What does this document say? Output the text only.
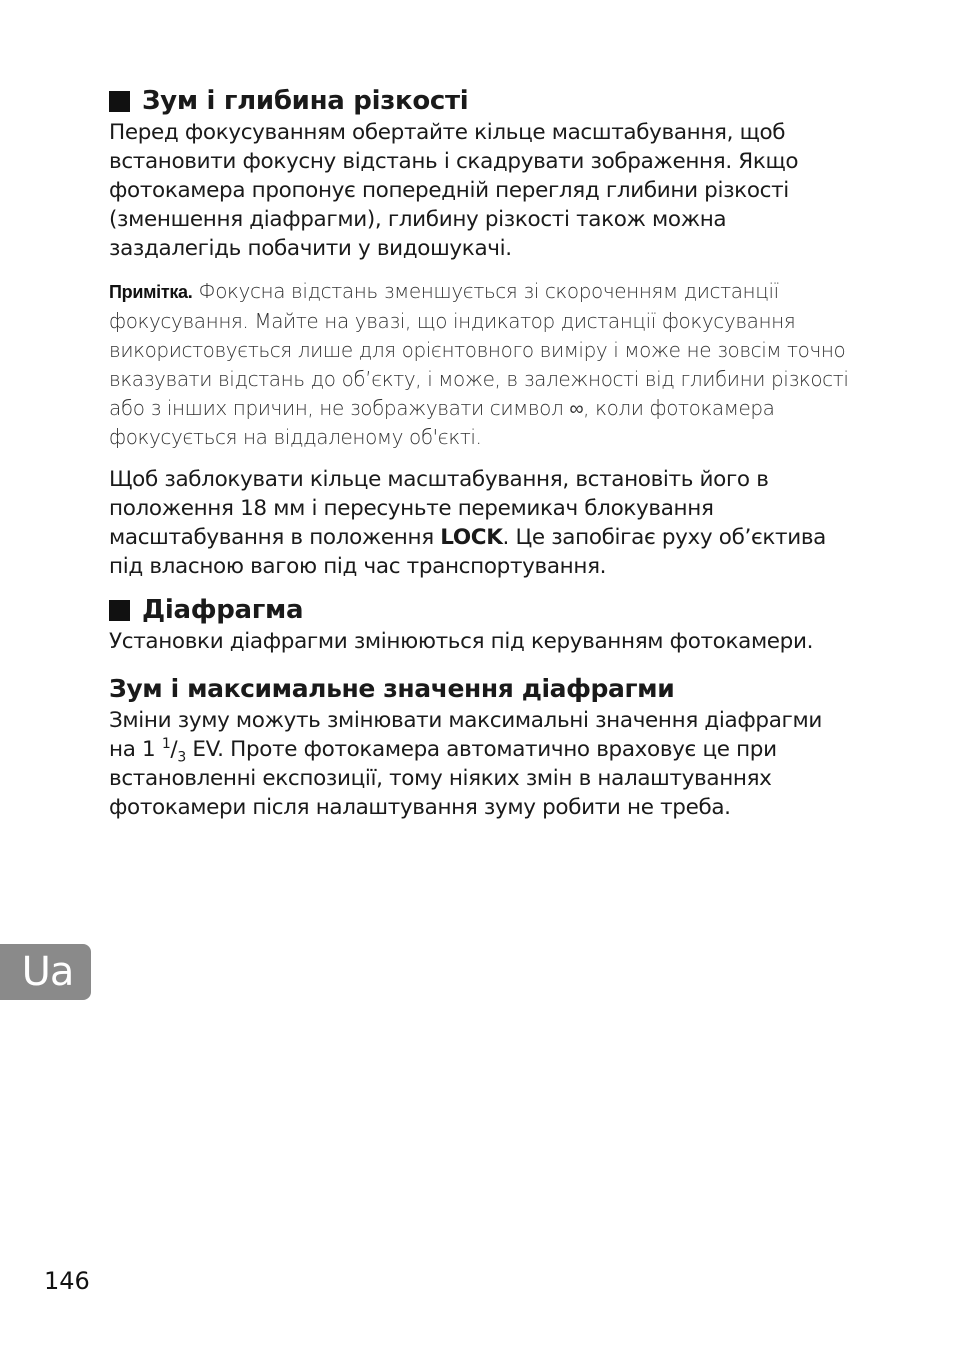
Зум і глибина різкості

Перед фокусуванням обертайте кільце масштабування, щоб встановити фокусну відстань і скадрувати зображення. Якщо фотокамера пропонує попередній перегляд глибини різкості (зменшення діафрагми), глибину різкості також можна заздалегідь побачити у видошукачі.

Примітка. Фокусна відстань зменшується зі скороченням дистанції фокусування. Майте на увазі, що індикатор дистанції фокусування використовується лише для орієнтовного виміру і може не зовсім точно вказувати відстань до об’єкту, і може, в залежності від глибини різкості або з інших причин, не зображувати символ ∞, коли фотокамера фокусується на віддаленому об'єкті.

Щоб заблокувати кільце масштабування, встановіть його в положення 18 мм і пересуньте перемикач блокування масштабування в положення LOCK. Це запобігає руху об’єктива під власною вагою під час транспортування.

Діафрагма

Установки діафрагми змінюються під керуванням фотокамери.

Зум і максимальне значення діафрагми

Зміни зуму можуть змінювати максимальні значення діафрагми на 1 $^1/_3$ EV. Проте фотокамера автоматично враховує це при встановленні експозиції, тому ніяких змін в налаштуваннях фотокамери після налаштування зуму робити не треба.

Ua
146
